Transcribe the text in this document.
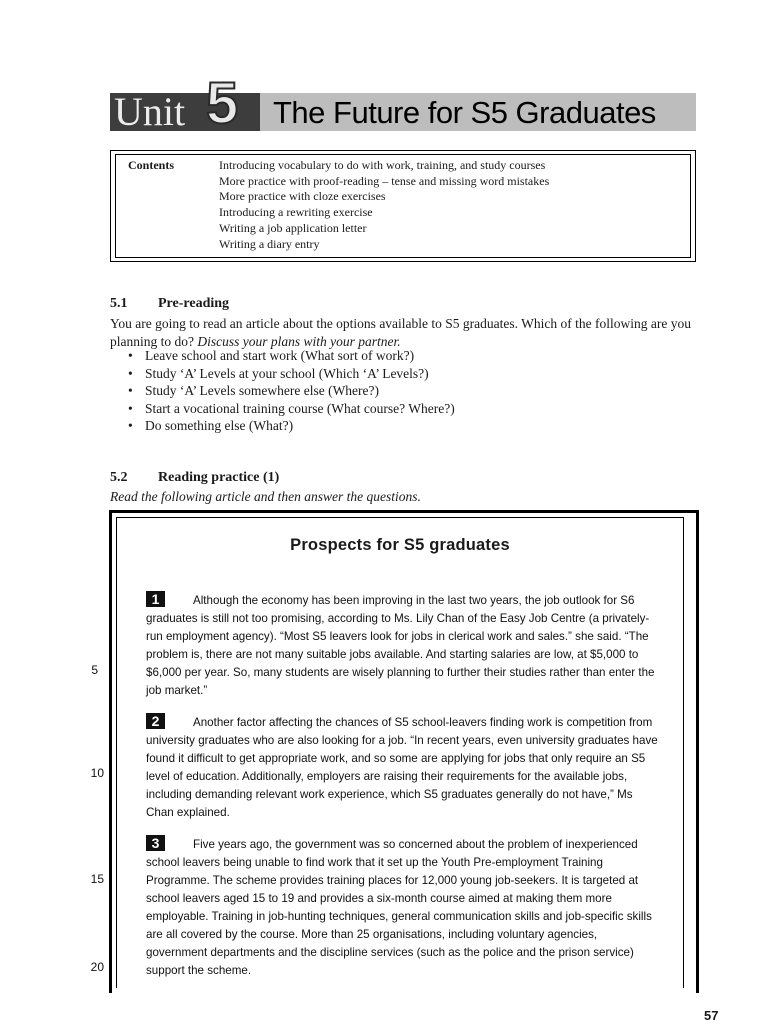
Unit 5 The Future for S5 Graduates
Contents	Introducing vocabulary to do with work, training, and study courses
More practice with proof-reading – tense and missing word mistakes
More practice with cloze exercises
Introducing a rewriting exercise
Writing a job application letter
Writing a diary entry
5.1 Pre-reading
You are going to read an article about the options available to S5 graduates. Which of the following are you planning to do? Discuss your plans with your partner.
• Leave school and start work (What sort of work?)
• Study ‘A’ Levels at your school (Which ‘A’ Levels?)
• Study ‘A’ Levels somewhere else (Where?)
• Start a vocational training course (What course? Where?)
• Do something else (What?)
5.2 Reading practice (1)
Read the following article and then answer the questions.
Prospects for S5 graduates
1	Although the economy has been improving in the last two years, the job outlook for S6 graduates is still not too promising, according to Ms. Lily Chan of the Easy Job Centre (a privately-run employment agency). “Most S5 leavers look for jobs in clerical work and sales.” she said. “The problem is, there are not many suitable jobs available. And starting salaries are low, at $5,000 to $6,000 per year. So, many students are wisely planning to further their studies rather than enter the job market.”
2	Another factor affecting the chances of S5 school-leavers finding work is competition from university graduates who are also looking for a job. “In recent years, even university graduates have found it difficult to get appropriate work, and so some are applying for jobs that only require an S5 level of education. Additionally, employers are raising their requirements for the available jobs, including demanding relevant work experience, which S5 graduates generally do not have,” Ms Chan explained.
3	Five years ago, the government was so concerned about the problem of inexperienced school leavers being unable to find work that it set up the Youth Pre-employment Training Programme. The scheme provides training places for 12,000 young job-seekers. It is targeted at school leavers aged 15 to 19 and provides a six-month course aimed at making them more employable. Training in job-hunting techniques, general communication skills and job-specific skills are all covered by the course. More than 25 organisations, including voluntary agencies, government departments and the discipline services (such as the police and the prison service) support the scheme.
5
10
15
20
57
